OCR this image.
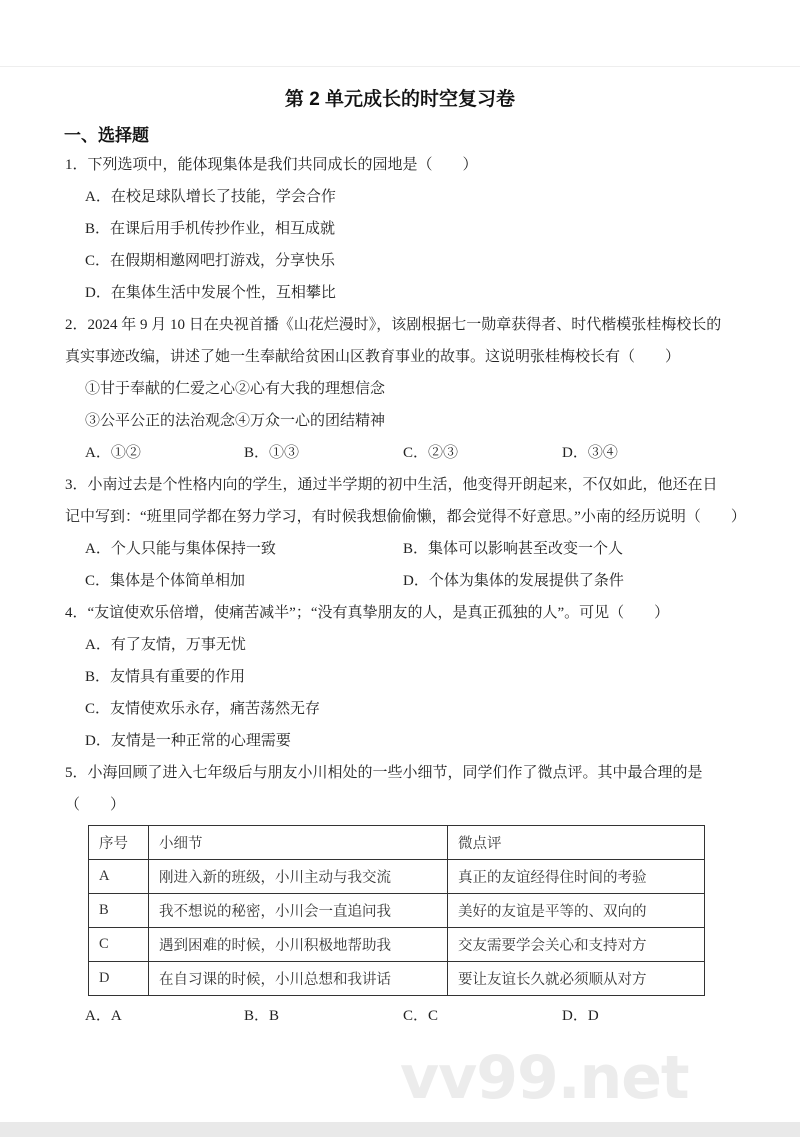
第 2 单元成长的时空复习卷
一、选择题
1．下列选项中，能体现集体是我们共同成长的园地是（　　）
A．在校足球队增长了技能，学会合作
B．在课后用手机传抄作业，相互成就
C．在假期相邀网吧打游戏，分享快乐
D．在集体生活中发展个性，互相攀比
2．2024 年 9 月 10 日在央视首播《山花烂漫时》，该剧根据七一勋章获得者、时代楷模张桂梅校长的
真实事迹改编，讲述了她一生奉献给贫困山区教育事业的故事。这说明张桂梅校长有（　　）
①甘于奉献的仁爱之心②心有大我的理想信念
③公平公正的法治观念④万众一心的团结精神
A．①②	B．①③	C．②③	D．③④
3．小南过去是个性格内向的学生，通过半学期的初中生活，他变得开朗起来，不仅如此，他还在日
记中写到：“班里同学都在努力学习，有时候我想偷偷懒，都会觉得不好意思。”小南的经历说明（　　）
A．个人只能与集体保持一致	B．集体可以影响甚至改变一个人
C．集体是个体简单相加	D．个体为集体的发展提供了条件
4．“友谊使欢乐倍增，使痛苦减半”；“没有真挚朋友的人，是真正孤独的人”。可见（　　）
A．有了友情，万事无忧
B．友情具有重要的作用
C．友情使欢乐永存，痛苦荡然无存
D．友情是一种正常的心理需要
5．小海回顾了进入七年级后与朋友小川相处的一些小细节，同学们作了微点评。其中最合理的是
（　　）
序号	小细节	微点评
A	刚进入新的班级，小川主动与我交流	真正的友谊经得住时间的考验
B	我不想说的秘密，小川会一直追问我	美好的友谊是平等的、双向的
C	遇到困难的时候，小川积极地帮助我	交友需要学会关心和支持对方
D	在自习课的时候，小川总想和我讲话	要让友谊长久就必须顺从对方
A．A	B．B	C．C	D．D
vv99.net
